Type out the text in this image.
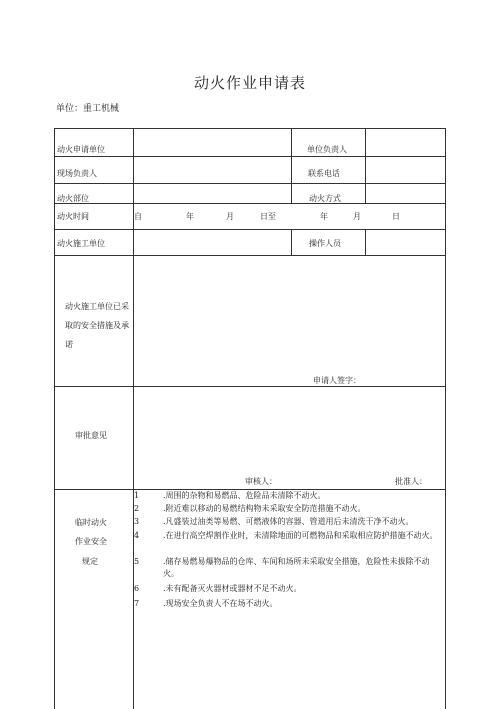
动火作业申请表
单位：重工机械
动火申请单位	单位负责人
现场负责人	联系电话
动火部位	动火方式
动火时间	自	年	月	日至	年	月	日
动火施工单位	操作人员
动火施工单位已采取的安全措施及承诺
申请人签字：
审批意见
审核人：	批准人：
临时动火
作业安全
规定
1	.周围的杂物和易燃品、危险品未清除不动火。
2	.附近难以移动的易燃结构物未采取安全防范措施不动火。
3	.凡盛装过油类等易燃、可燃液体的容器、管道用后未清洗干净不动火。
4	.在进行高空焊割作业时，未清除地面的可燃物品和采取相应防护措施不动火。
5	.储存易燃易爆物品的仓库、车间和场所未采取安全措施，危险性未拔除不动火。
6	.未有配备灭火器材或器材不足不动火。
7	.现场安全负责人不在场不动火。
